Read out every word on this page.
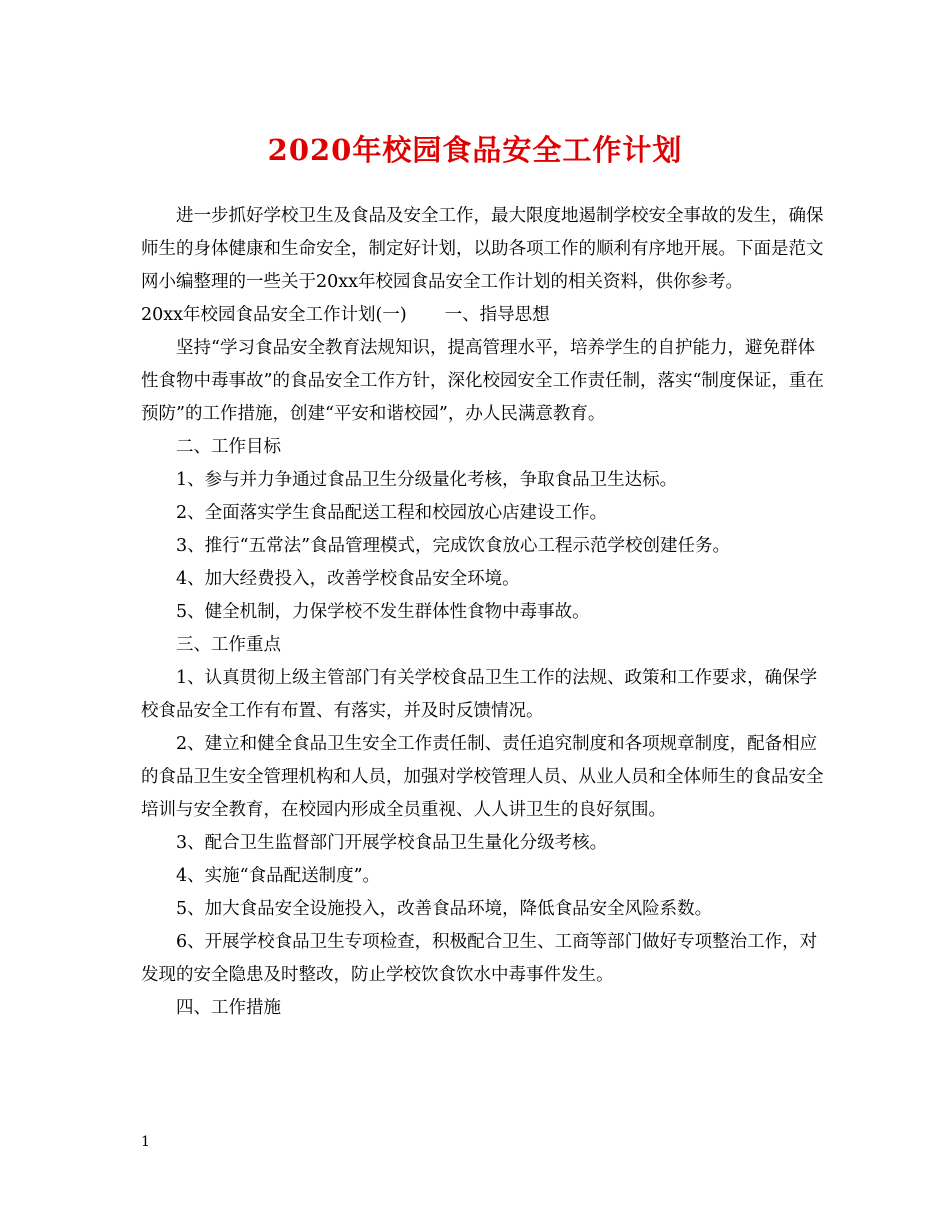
2020年校园食品安全工作计划

进一步抓好学校卫生及食品及安全工作，最大限度地遏制学校安全事故的发生，确保师生的身体健康和生命安全，制定好计划，以助各项工作的顺利有序地开展。下面是范文网小编整理的一些关于20xx年校园食品安全工作计划的相关资料，供你参考。

20xx年校园食品安全工作计划(一) 一、指导思想

坚持“学习食品安全教育法规知识，提高管理水平，培养学生的自护能力，避免群体性食物中毒事故”的食品安全工作方针，深化校园安全工作责任制，落实“制度保证，重在预防”的工作措施，创建“平安和谐校园”，办人民满意教育。

二、工作目标

1、参与并力争通过食品卫生分级量化考核，争取食品卫生达标。

2、全面落实学生食品配送工程和校园放心店建设工作。

3、推行“五常法”食品管理模式，完成饮食放心工程示范学校创建任务。

4、加大经费投入，改善学校食品安全环境。

5、健全机制，力保学校不发生群体性食物中毒事故。

三、工作重点

1、认真贯彻上级主管部门有关学校食品卫生工作的法规、政策和工作要求，确保学校食品安全工作有布置、有落实，并及时反馈情况。

2、建立和健全食品卫生安全工作责任制、责任追究制度和各项规章制度，配备相应的食品卫生安全管理机构和人员，加强对学校管理人员、从业人员和全体师生的食品安全培训与安全教育，在校园内形成全员重视、人人讲卫生的良好氛围。

3、配合卫生监督部门开展学校食品卫生量化分级考核。

4、实施“食品配送制度”。

5、加大食品安全设施投入，改善食品环境，降低食品安全风险系数。

6、开展学校食品卫生专项检查，积极配合卫生、工商等部门做好专项整治工作，对发现的安全隐患及时整改，防止学校饮食饮水中毒事件发生。

四、工作措施

1
